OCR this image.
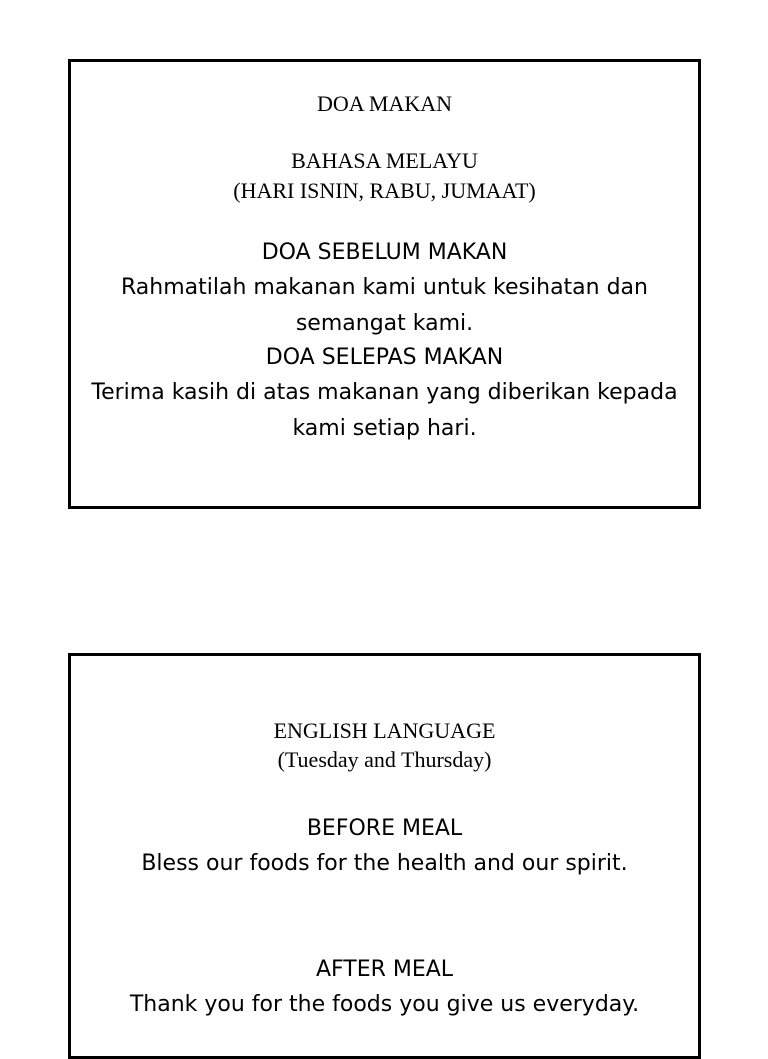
DOA MAKAN
BAHASA MELAYU
(HARI ISNIN, RABU, JUMAAT)
DOA SEBELUM MAKAN
Rahmatilah makanan kami untuk kesihatan dan
semangat kami.
DOA SELEPAS MAKAN
Terima kasih di atas makanan yang diberikan kepada
kami setiap hari.
ENGLISH LANGUAGE
(Tuesday and Thursday)
BEFORE MEAL
Bless our foods for the health and our spirit.
AFTER MEAL
Thank you for the foods you give us everyday.
